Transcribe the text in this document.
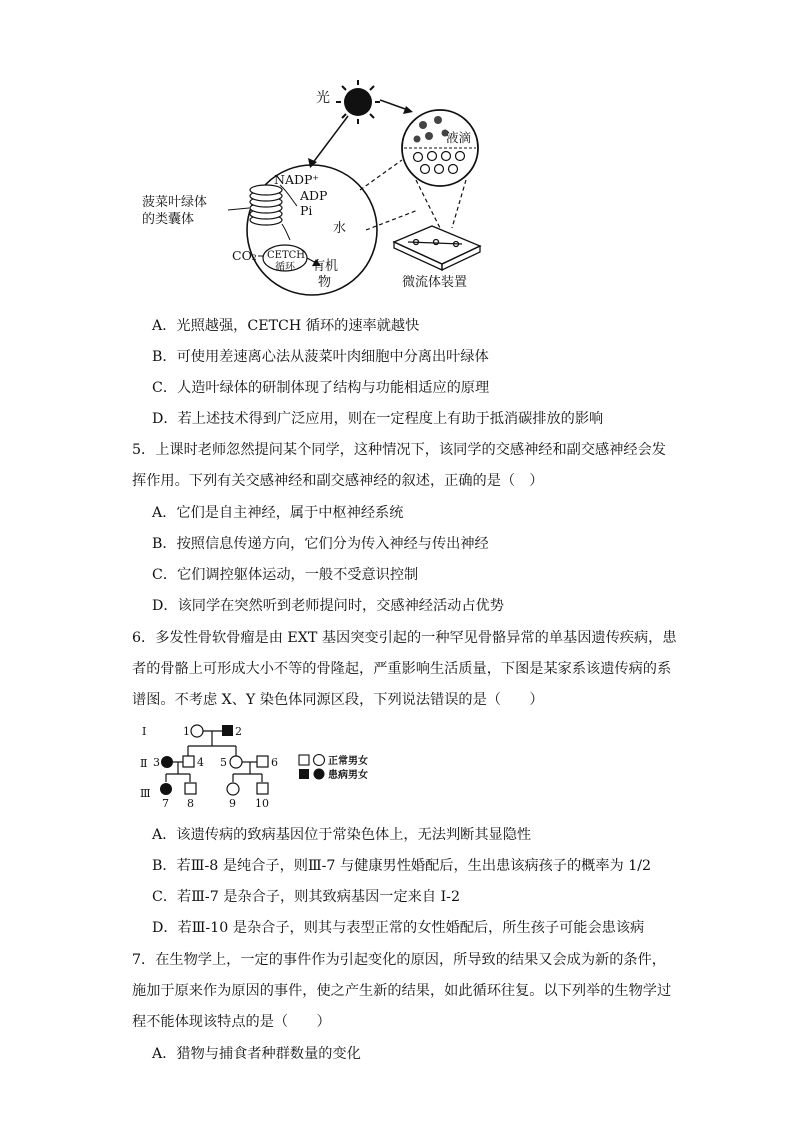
光
菠菜叶绿体
的类囊体
NADP⁺
ADP
Pi
水
CETCH
循环
CO₂
有机
物
液滴
微流体装置
A．光照越强，CETCH 循环的速率就越快
B．可使用差速离心法从菠菜叶肉细胞中分离出叶绿体
C．人造叶绿体的研制体现了结构与功能相适应的原理
D．若上述技术得到广泛应用，则在一定程度上有助于抵消碳排放的影响
5．上课时老师忽然提问某个同学，这种情况下，该同学的交感神经和副交感神经会发
挥作用。下列有关交感神经和副交感神经的叙述，正确的是（　）
A．它们是自主神经，属于中枢神经系统
B．按照信息传递方向，它们分为传入神经与传出神经
C．它们调控躯体运动，一般不受意识控制
D．该同学在突然听到老师提问时，交感神经活动占优势
6．多发性骨软骨瘤是由 EXT 基因突变引起的一种罕见骨骼异常的单基因遗传疾病，患
者的骨骼上可形成大小不等的骨隆起，严重影响生活质量，下图是某家系该遗传病的系
谱图。不考虑 X、Y 染色体同源区段，下列说法错误的是（　　）
Ⅰ
Ⅱ
Ⅲ
1	2
3	4 5	6
7 8	9 10
正常男女
患病男女
A．该遗传病的致病基因位于常染色体上，无法判断其显隐性
B．若Ⅲ-8 是纯合子，则Ⅲ-7 与健康男性婚配后，生出患该病孩子的概率为 1/2
C．若Ⅲ-7 是杂合子，则其致病基因一定来自 I-2
D．若Ⅲ-10 是杂合子，则其与表型正常的女性婚配后，所生孩子可能会患该病
7．在生物学上，一定的事件作为引起变化的原因，所导致的结果又会成为新的条件，
施加于原来作为原因的事件，使之产生新的结果，如此循环往复。以下列举的生物学过
程不能体现该特点的是（　　）
A．猎物与捕食者种群数量的变化
